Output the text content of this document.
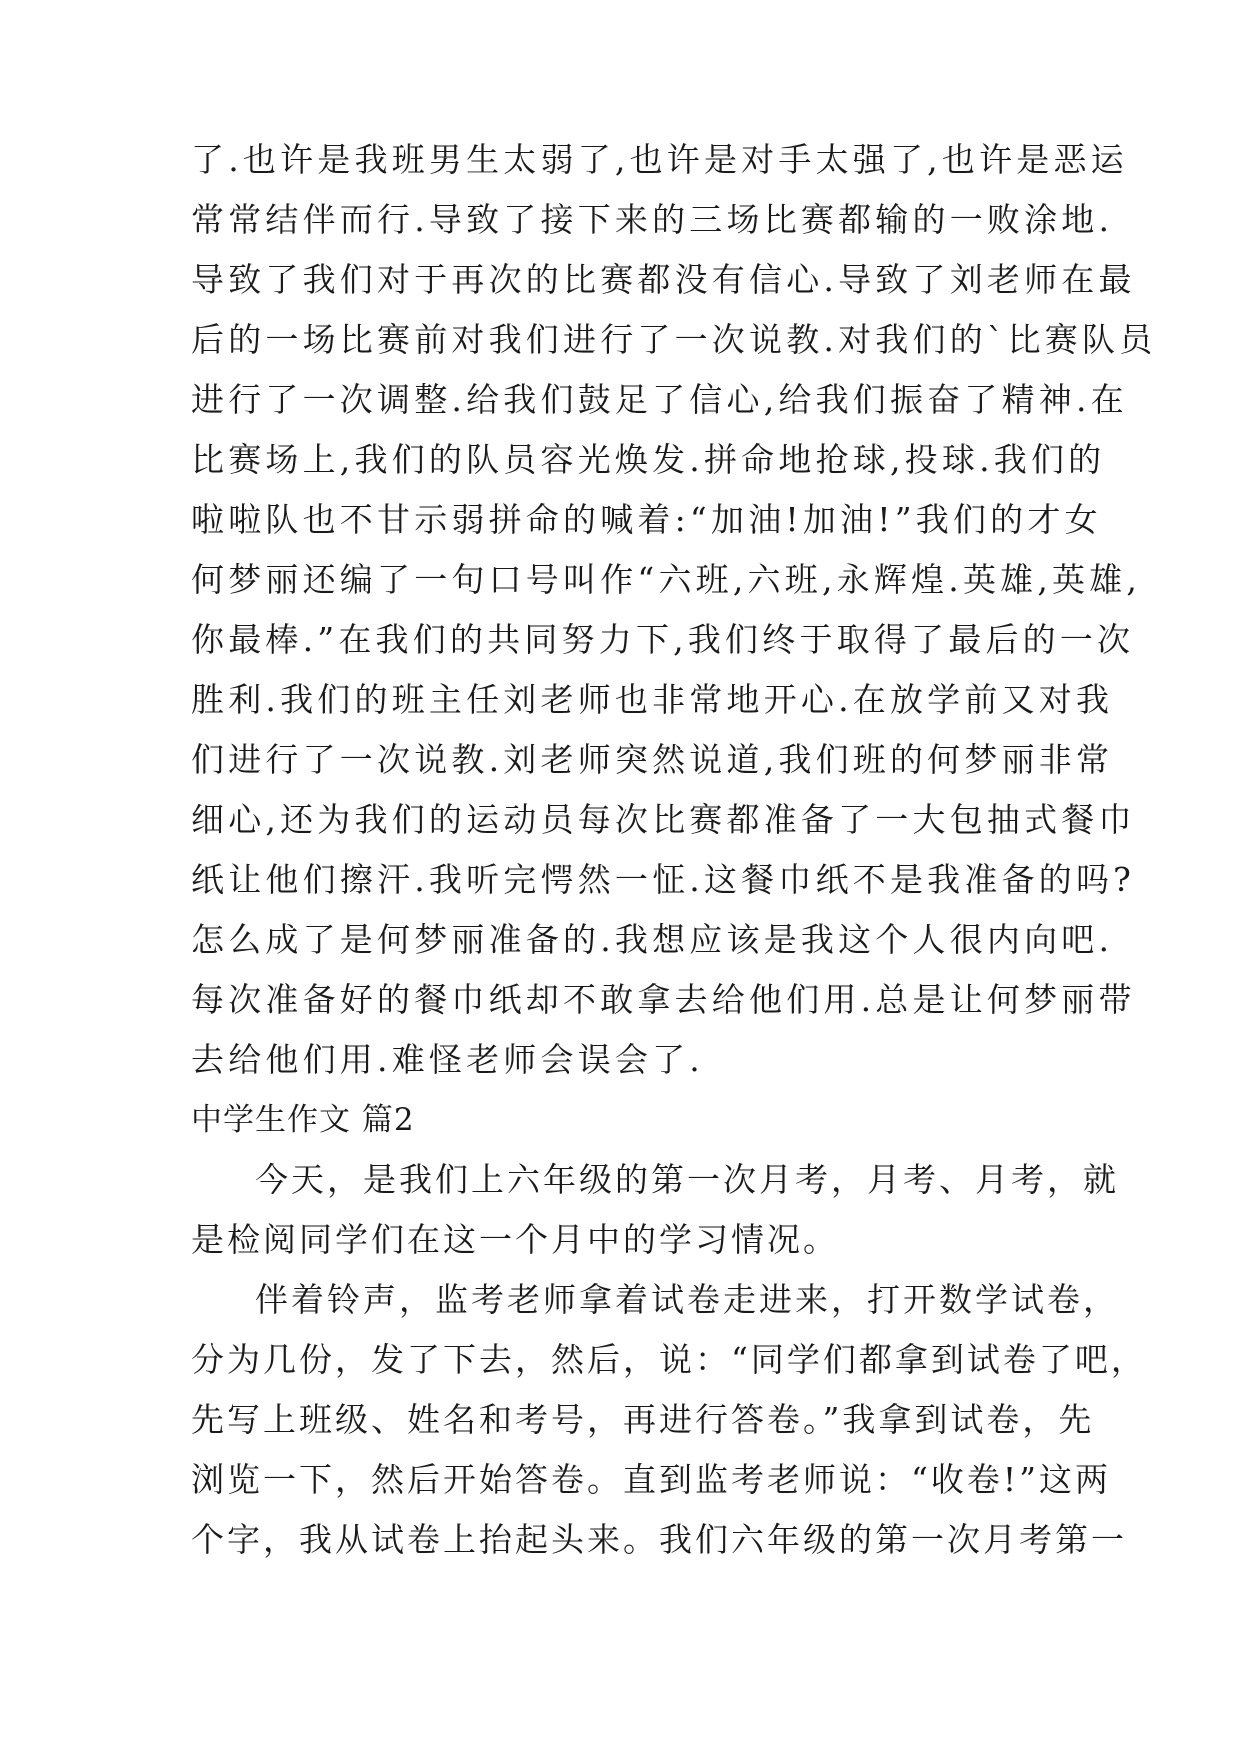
了.也许是我班男生太弱了,也许是对手太强了,也许是恶运
常常结伴而行.导致了接下来的三场比赛都输的一败涂地.
导致了我们对于再次的比赛都没有信心.导致了刘老师在最
后的一场比赛前对我们进行了一次说教.对我们的`比赛队员
进行了一次调整.给我们鼓足了信心,给我们振奋了精神.在
比赛场上,我们的队员容光焕发.拼命地抢球,投球.我们的
啦啦队也不甘示弱拼命的喊着:“加油!加油!”我们的才女
何梦丽还编了一句口号叫作“六班,六班,永辉煌.英雄,英雄,
你最棒.”在我们的共同努力下,我们终于取得了最后的一次
胜利.我们的班主任刘老师也非常地开心.在放学前又对我
们进行了一次说教.刘老师突然说道,我们班的何梦丽非常
细心,还为我们的运动员每次比赛都准备了一大包抽式餐巾
纸让他们擦汗.我听完愕然一怔.这餐巾纸不是我准备的吗?
怎么成了是何梦丽准备的.我想应该是我这个人很内向吧.
每次准备好的餐巾纸却不敢拿去给他们用.总是让何梦丽带
去给他们用.难怪老师会误会了.
中学生作文 篇2
今天，是我们上六年级的第一次月考，月考、月考，就
是检阅同学们在这一个月中的学习情况。
伴着铃声，监考老师拿着试卷走进来，打开数学试卷，
分为几份，发了下去，然后，说：“同学们都拿到试卷了吧，
先写上班级、姓名和考号，再进行答卷。”我拿到试卷，先
浏览一下，然后开始答卷。直到监考老师说：“收卷!”这两
个字，我从试卷上抬起头来。我们六年级的第一次月考第一
